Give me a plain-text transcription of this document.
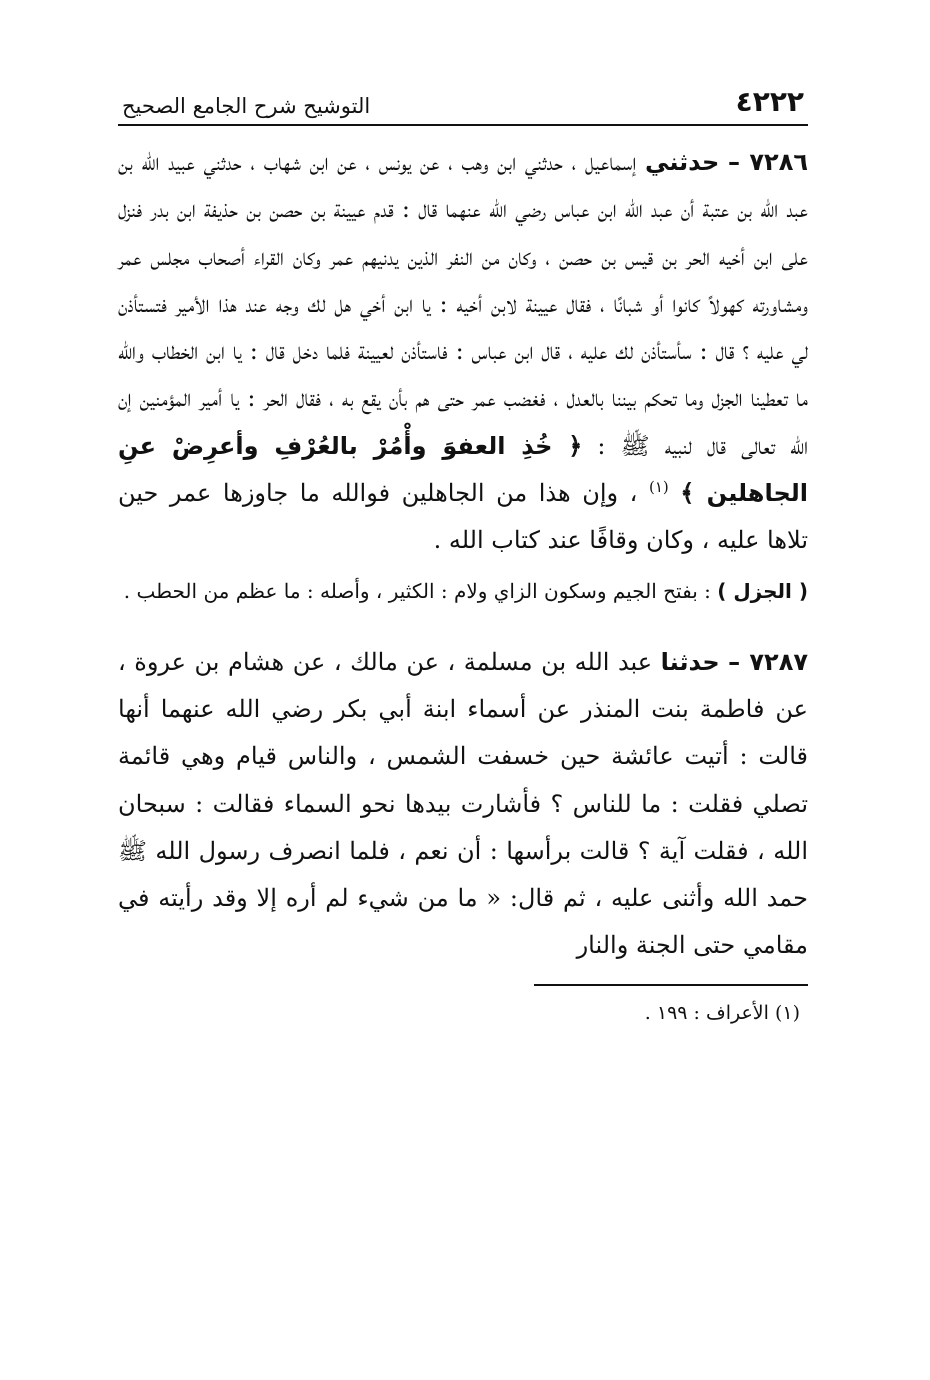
٤٢٢٢
التوشيح شرح الجامع الصحيح

٧٢٨٦ – حدثني إسماعيل ، حدثني ابن وهب ، عن يونس ، عن ابن شهاب ، حدثني عبيد الله بن عبد الله بن عتبة أن عبد الله ابن عباس رضي الله عنهما قال : قدم عيينة بن حصن بن حذيفة ابن بدر فنزل على ابن أخيه الحر بن قيس بن حصن ، وكان من النفر الذين يدنيهم عمر وكان القراء أصحاب مجلس عمر ومشاورته كهولاً كانوا أو شبانًا ، فقال عيينة لابن أخيه : يا ابن أخي هل لك وجه عند هذا الأمير فتستأذن لي عليه ؟ قال : سأستأذن لك عليه ، قال ابن عباس : فاستأذن لعيينة فلما دخل قال : يا ابن الخطاب والله ما تعطينا الجزل وما تحكم بيننا بالعدل ، فغضب عمر حتى هم بأن يقع به ، فقال الحر : يا أمير المؤمنين إن الله تعالى قال لنبيه ﷺ : ﴿ خُذِ العفوَ وأْمُرْ بالعُرْفِ وأعرِضْ عنِ الجاهلين ﴾ $^{(١)}$ ، وإن هذا من الجاهلين فوالله ما جاوزها عمر حين تلاها عليه ، وكان وقافًا عند كتاب الله .

( الجزل ) : بفتح الجيم وسكون الزاي ولام : الكثير ، وأصله : ما عظم من الحطب .

٧٢٨٧ – حدثنا عبد الله بن مسلمة ، عن مالك ، عن هشام بن عروة ، عن فاطمة بنت المنذر عن أسماء ابنة أبي بكر رضي الله عنهما أنها قالت : أتيت عائشة حين خسفت الشمس ، والناس قيام وهي قائمة تصلي فقلت : ما للناس ؟ فأشارت بيدها نحو السماء فقالت : سبحان الله ، فقلت آية ؟ قالت برأسها : أن نعم ، فلما انصرف رسول الله ﷺ حمد الله وأثنى عليه ، ثم قال: « ما من شيء لم أره إلا وقد رأيته في مقامي حتى الجنة والنار

(١) الأعراف : ١٩٩ .
